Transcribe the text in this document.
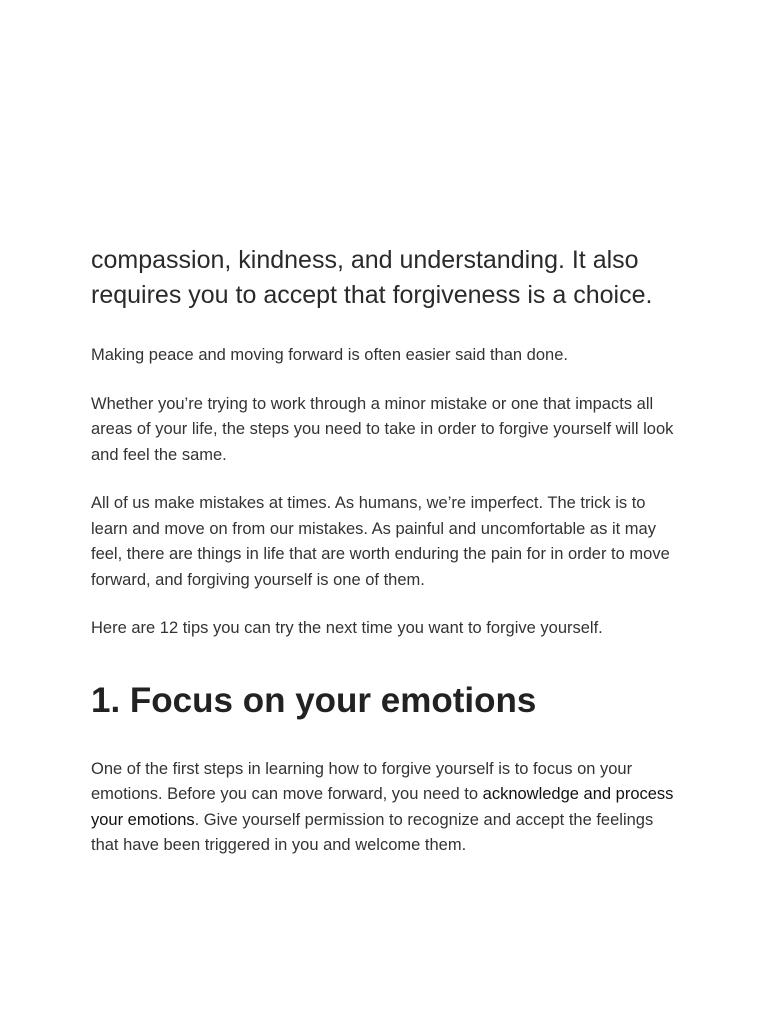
compassion, kindness, and understanding. It also requires you to accept that forgiveness is a choice.

Making peace and moving forward is often easier said than done.

Whether you’re trying to work through a minor mistake or one that impacts all areas of your life, the steps you need to take in order to forgive yourself will look and feel the same.

All of us make mistakes at times. As humans, we’re imperfect. The trick is to learn and move on from our mistakes. As painful and uncomfortable as it may feel, there are things in life that are worth enduring the pain for in order to move forward, and forgiving yourself is one of them.

Here are 12 tips you can try the next time you want to forgive yourself.

1. Focus on your emotions

One of the first steps in learning how to forgive yourself is to focus on your emotions. Before you can move forward, you need to acknowledge and process your emotions. Give yourself permission to recognize and accept the feelings that have been triggered in you and welcome them.
